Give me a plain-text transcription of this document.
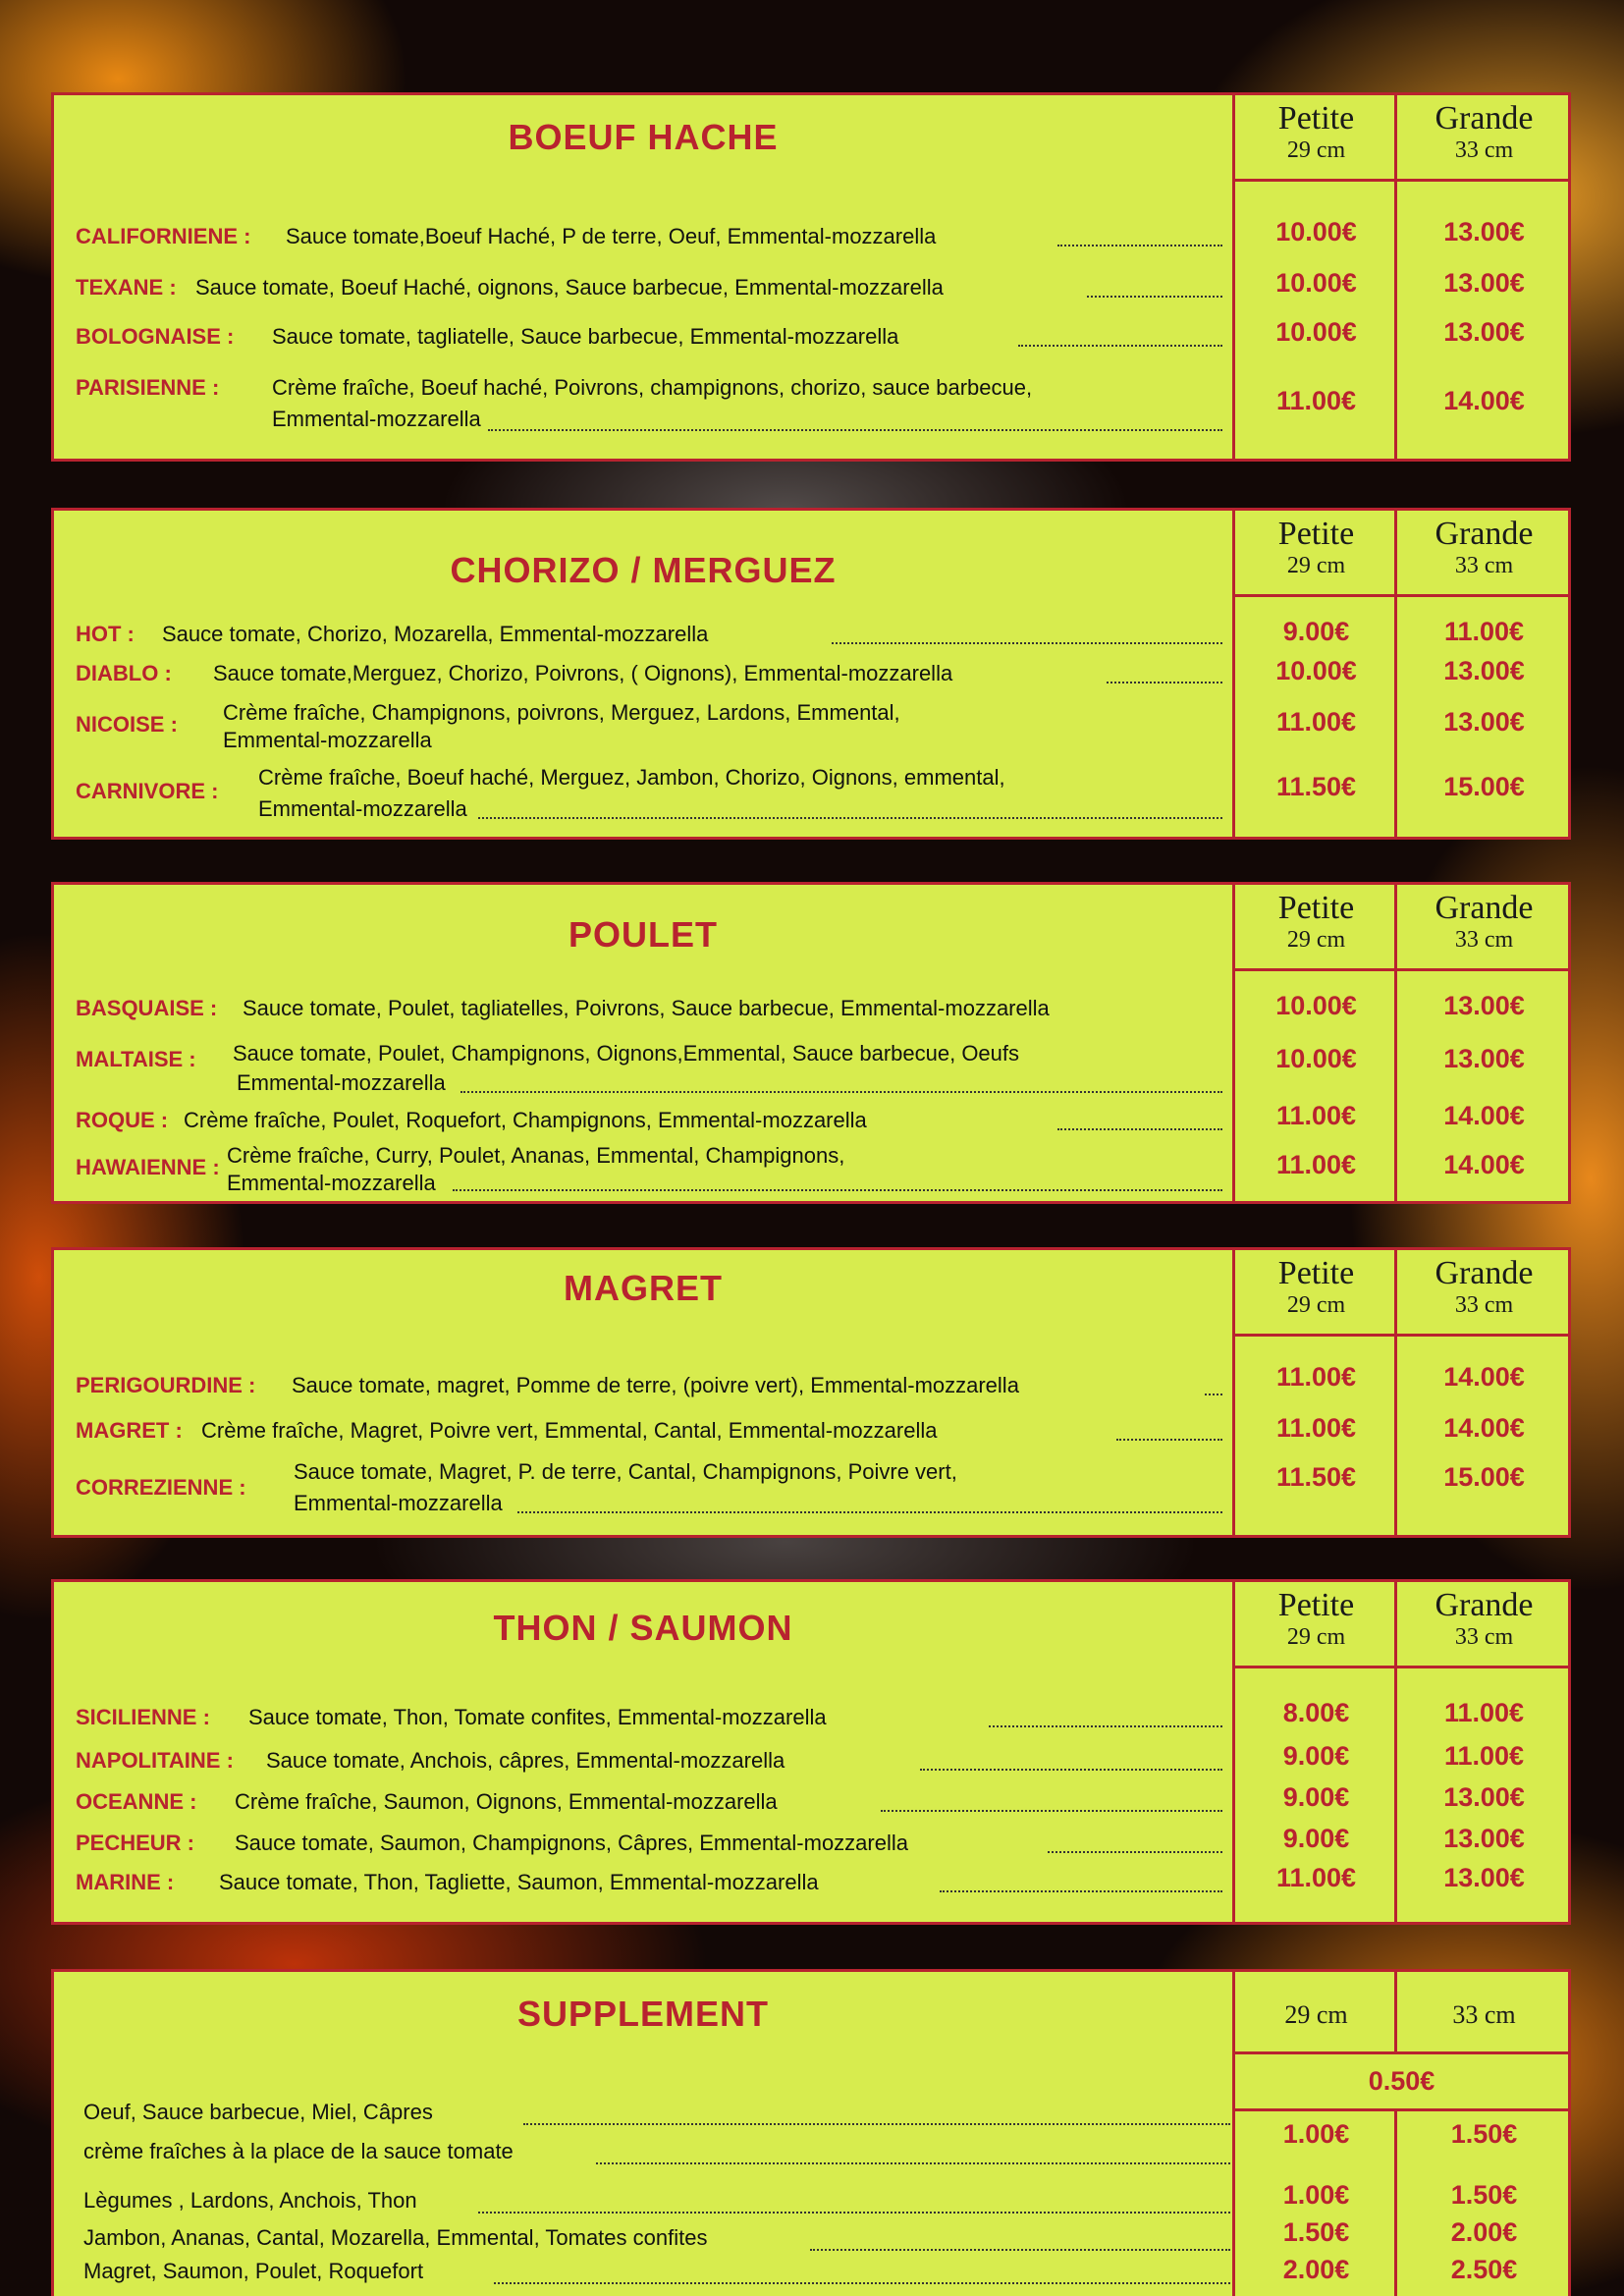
BOEUF HACHE
CALIFORNIENE : Sauce tomate,Boeuf Haché, P de terre, Oeuf, Emmental-mozzarella
TEXANE : Sauce tomate, Boeuf Haché, oignons, Sauce barbecue, Emmental-mozzarella
BOLOGNAISE : Sauce tomate, tagliatelle, Sauce barbecue, Emmental-mozzarella
PARISIENNE : Crème fraîche, Boeuf haché, Poivrons, champignons, chorizo, sauce barbecue,
Emmental-mozzarella
Petite
29 cm
10.00€
10.00€
10.00€
11.00€
Grande
33 cm
13.00€
13.00€
13.00€
14.00€
CHORIZO / MERGUEZ
HOT : Sauce tomate, Chorizo, Mozarella, Emmental-mozzarella
DIABLO : Sauce tomate,Merguez, Chorizo, Poivrons, ( Oignons), Emmental-mozzarella
NICOISE : Crème fraîche, Champignons, poivrons, Merguez, Lardons, Emmental,
Emmental-mozzarella
CARNIVORE :
Crème fraîche, Boeuf haché, Merguez, Jambon, Chorizo, Oignons, emmental,
Emmental-mozzarella
Petite
29 cm
9.00€
10.00€
11.00€
11.50€
Grande
33 cm
11.00€
13.00€
13.00€
15.00€
POULET
BASQUAISE : Sauce tomate, Poulet, tagliatelles, Poivrons, Sauce barbecue, Emmental-mozzarella
MALTAISE : Sauce tomate, Poulet, Champignons, Oignons,Emmental, Sauce barbecue, Oeufs
Emmental-mozzarella
ROQUE : Crème fraîche, Poulet, Roquefort, Champignons, Emmental-mozzarella
HAWAIENNE : Crème fraîche, Curry, Poulet, Ananas, Emmental, Champignons,
Emmental-mozzarella
Petite
29 cm
10.00€
10.00€
11.00€
11.00€
Grande
33 cm
13.00€
13.00€
14.00€
14.00€
MAGRET
PERIGOURDINE : Sauce tomate, magret, Pomme de terre, (poivre vert), Emmental-mozzarella
MAGRET : Crème fraîche, Magret, Poivre vert, Emmental, Cantal, Emmental-mozzarella
CORREZIENNE :
Sauce tomate, Magret, P. de terre, Cantal, Champignons, Poivre vert,
Emmental-mozzarella
Petite
29 cm
11.00€
11.00€
11.50€
Grande
33 cm
14.00€
14.00€
15.00€
THON / SAUMON
SICILIENNE : Sauce tomate, Thon, Tomate confites, Emmental-mozzarella
NAPOLITAINE : Sauce tomate, Anchois, câpres, Emmental-mozzarella
OCEANNE : Crème fraîche, Saumon, Oignons, Emmental-mozzarella
PECHEUR : Sauce tomate, Saumon, Champignons, Câpres, Emmental-mozzarella
MARINE : Sauce tomate, Thon, Tagliette, Saumon, Emmental-mozzarella
Petite
29 cm
8.00€
9.00€
9.00€
9.00€
11.00€
Grande
33 cm
11.00€
11.00€
13.00€
13.00€
13.00€
SUPPLEMENT
Oeuf, Sauce barbecue, Miel, Câpres
crème fraîches à la place de la sauce tomate
Lègumes , Lardons, Anchois, Thon
Jambon, Ananas, Cantal, Mozarella, Emmental, Tomates confites
Magret, Saumon, Poulet, Roquefort
29 cm
1.00€
1.00€
1.50€
2.00€
33 cm
1.50€
1.50€
2.00€
2.50€
0.50€
